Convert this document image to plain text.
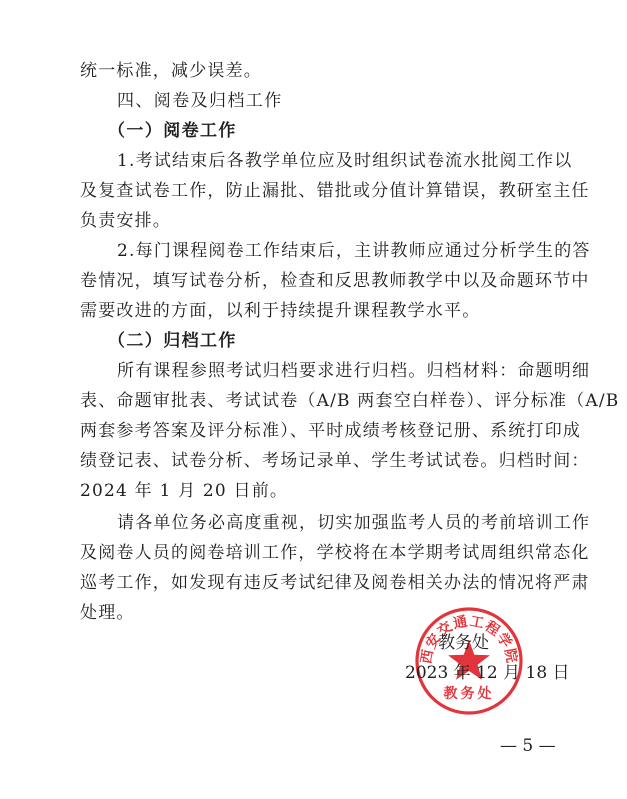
统一标准，减少误差。
四、阅卷及归档工作
（一）阅卷工作
1.考试结束后各教学单位应及时组织试卷流水批阅工作以
及复查试卷工作，防止漏批、错批或分值计算错误，教研室主任
负责安排。
2.每门课程阅卷工作结束后，主讲教师应通过分析学生的答
卷情况，填写试卷分析，检查和反思教师教学中以及命题环节中
需要改进的方面，以利于持续提升课程教学水平。
（二）归档工作
所有课程参照考试归档要求进行归档。归档材料：命题明细
表、命题审批表、考试试卷（A/B 两套空白样卷）、评分标准（A/B
两套参考答案及评分标准）、平时成绩考核登记册、系统打印成
绩登记表、试卷分析、考场记录单、学生考试试卷。归档时间：
2024 年 1 月 20 日前。
请各单位务必高度重视，切实加强监考人员的考前培训工作
及阅卷人员的阅卷培训工作，学校将在本学期考试周组织常态化
巡考工作，如发现有违反考试纪律及阅卷相关办法的情况将严肃
处理。
西安交通工程学院
教务处
教务处
2023 年 12 月 18 日
— 5 —
